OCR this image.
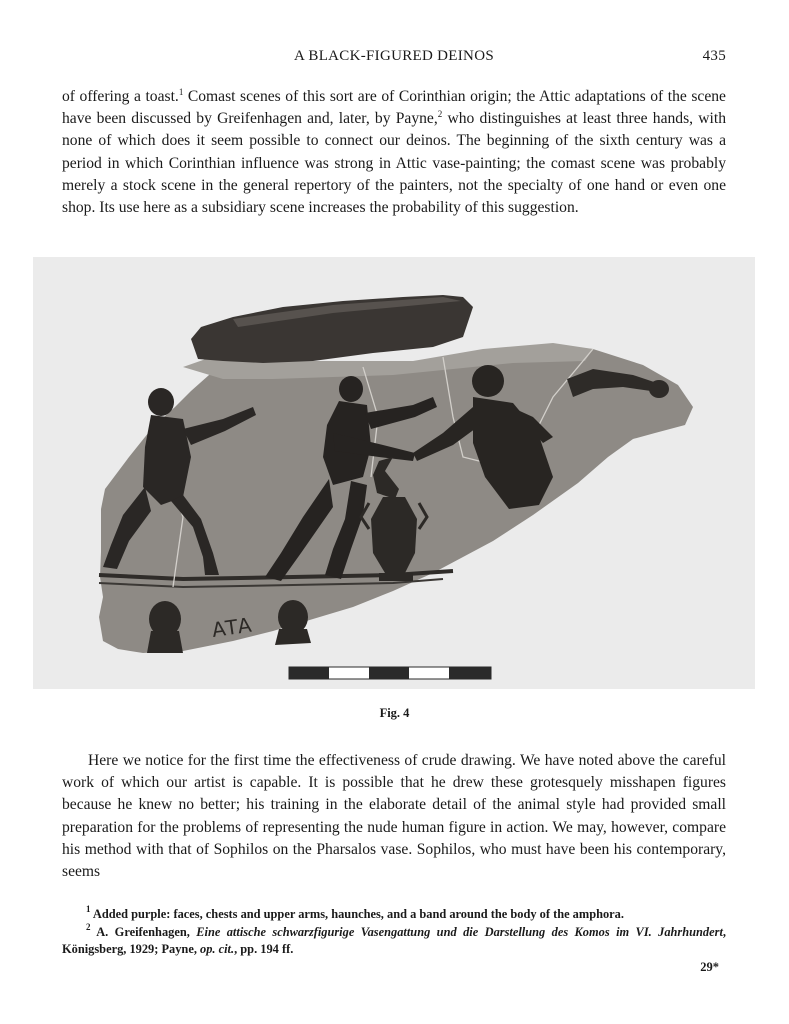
A BLACK-FIGURED DEINOS	435

of offering a toast.$^1$ Comast scenes of this sort are of Corinthian origin; the Attic adaptations of the scene have been discussed by Greifenhagen and, later, by Payne,$^2$ who distinguishes at least three hands, with none of which does it seem possible to connect our deinos. The beginning of the sixth century was a period in which Corinthian influence was strong in Attic vase-painting; the comast scene was probably merely a stock scene in the general repertory of the painters, not the specialty of one hand or even one shop. Its use here as a subsidiary scene increases the probability of this suggestion.

ΑΤΑ
Fig. 4

Here we notice for the first time the effectiveness of crude drawing. We have noted above the careful work of which our artist is capable. It is possible that he drew these grotesquely misshapen figures because he knew no better; his training in the elaborate detail of the animal style had provided small preparation for the problems of representing the nude human figure in action. We may, however, compare his method with that of Sophilos on the Pharsalos vase. Sophilos, who must have been his contemporary, seems

$^1$ Added purple: faces, chests and upper arms, haunches, and a band around the body of the amphora.

$^2$ A. Greifenhagen, Eine attische schwarzfigurige Vasengattung und die Darstellung des Komos im VI. Jahrhundert, Königsberg, 1929; Payne, op. cit., pp. 194 ff.

29*
